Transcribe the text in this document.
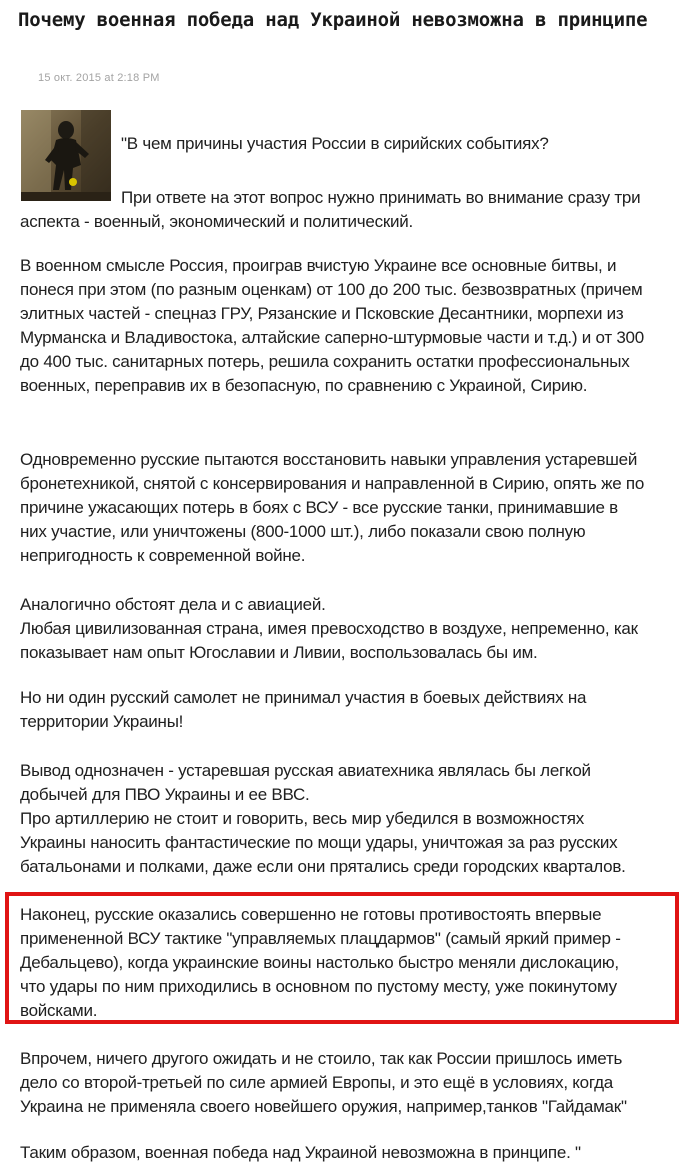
Почему военная победа над Украиной невозможна в принципе
15 окт. 2015 at 2:18 PM

"В чем причины участия России в сирийских событиях?

При ответе на этот вопрос нужно принимать во внимание сразу три
аспекта - военный, экономический и политический.

В военном смысле Россия, проиграв вчистую Украине все основные битвы, и
понеся при этом (по разным оценкам) от 100 до 200 тыс. безвозвратных (причем
элитных частей - спецназ ГРУ, Рязанские и Псковские Десантники, морпехи из
Мурманска и Владивостока, алтайские саперно-штурмовые части и т.д.) и от 300
до 400 тыс. санитарных потерь, решила сохранить остатки профессиональных
военных, переправив их в безопасную, по сравнению с Украиной, Сирию.

Одновременно русские пытаются восстановить навыки управления устаревшей
бронетехникой, снятой с консервирования и направленной в Сирию, опять же по
причине ужасающих потерь в боях с ВСУ - все русские танки, принимавшие в
них участие, или уничтожены (800-1000 шт.), либо показали свою полную
непригодность к современной войне.

Аналогично обстоят дела и с авиацией.
Любая цивилизованная страна, имея превосходство в воздухе, непременно, как
показывает нам опыт Югославии и Ливии, воспользовалась бы им.

Но ни один русский самолет не принимал участия в боевых действиях на
территории Украины!

Вывод однозначен - устаревшая русская авиатехника являлась бы легкой
добычей для ПВО Украины и ее ВВС.
Про артиллерию не стоит и говорить, весь мир убедился в возможностях
Украины наносить фантастические по мощи удары, уничтожая за раз русских
батальонами и полками, даже если они прятались среди городских кварталов.

Наконец, русские оказались совершенно не готовы противостоять впервые
примененной ВСУ тактике "управляемых плацдармов" (самый яркий пример -
Дебальцево), когда украинские воины настолько быстро меняли дислокацию,
что удары по ним приходились в основном по пустому месту, уже покинутому
войсками.

Впрочем, ничего другого ожидать и не стоило, так как России пришлось иметь
дело со второй-третьей по силе армией Европы, и это ещё в условиях, когда
Украина не применяла своего новейшего оружия, например,танков "Гайдамак"

Таким образом, военная победа над Украиной невозможна в принципе. "
